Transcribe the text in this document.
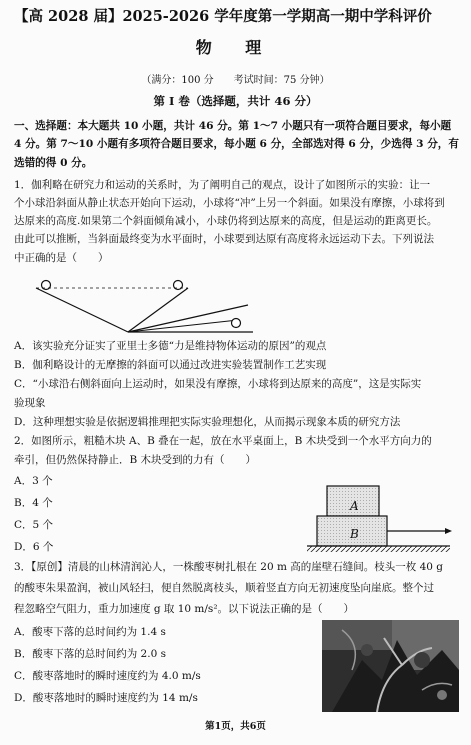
【高 2028 届】2025-2026 学年度第一学期高一期中学科评价
物 理
（满分：100 分　　考试时间：75 分钟）
第 I 卷（选择题，共计 46 分）
一、选择题：本大题共 10 小题，共计 46 分。第 1～7 小题只有一项符合题目要求，每小题
4 分。第 7～10 小题有多项符合题目要求，每小题 6 分，全部选对得 6 分，少选得 3 分，有
选错的得 0 分。
1．伽利略在研究力和运动的关系时，为了阐明自己的观点，设计了如图所示的实验：让一
个小球沿斜面从静止状态开始向下运动，小球将“冲”上另一个斜面。如果没有摩擦，小球将到
达原来的高度.如果第二个斜面倾角减小，小球仍将到达原来的高度，但是运动的距离更长。
由此可以推断，当斜面最终变为水平面时，小球要到达原有高度将永远运动下去。下列说法
中正确的是（　　）
A．该实验充分证实了亚里士多德“力是维持物体运动的原因”的观点
B．伽利略设计的无摩擦的斜面可以通过改进实验装置制作工艺实现
C．“小球沿右侧斜面向上运动时，如果没有摩擦，小球将到达原来的高度”，这是实际实
验现象
D．这种理想实验是依据逻辑推理把实际实验理想化，从而揭示现象本质的研究方法
2．如图所示，粗糙木块 A、B 叠在一起，放在水平桌面上，B 木块受到一个水平方向力的
牵引，但仍然保持静止．B 木块受到的力有（　　）
A．3 个
B．4 个
C．5 个
D．6 个
A
B
3．【原创】清晨的山林清润沁人，一株酸枣树扎根在 20 m 高的崖壁石缝间。枝头一枚 40 g
的酸枣朱果盈润，被山风轻扫，便自然脱离枝头，顺着竖直方向无初速度坠向崖底。整个过
程忽略空气阻力，重力加速度 g 取 10 m/s²。以下说法正确的是（　　）
A．酸枣下落的总时间约为 1.4 s
B．酸枣下落的总时间约为 2.0 s
C．酸枣落地时的瞬时速度约为 4.0 m/s
D．酸枣落地时的瞬时速度约为 14 m/s
第1页，共6页
